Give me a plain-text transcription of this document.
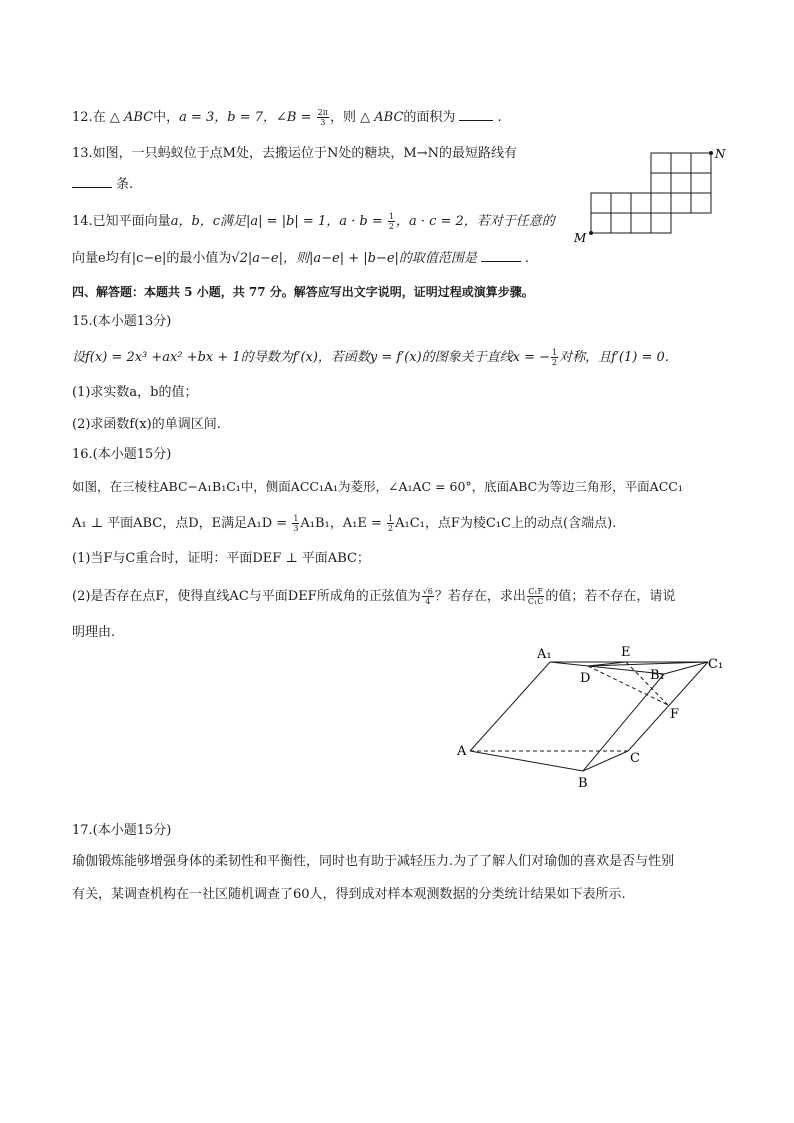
12.在 △ ABC中，a = 3，b = 7，∠B = $\frac{2\pi}{3}$ ，则 △ ABC的面积为	.
13.如图，一只蚂蚁位于点M处，去搬运位于N处的糖块，M→N的最短路线有
条.
N
M
14.已知平面向量a，b，c满足|a| = |b| = 1，$a \cdot b = \frac{1}{2}$ ，a · c = 2，若对于任意的
向量e均有|c−e|的最小值为√2|a−e|，则|a−e| + |b−e|的取值范围是	.
四、解答题：本题共 5 小题，共 77 分。解答应写出文字说明，证明过程或演算步骤。
15.(本小题13分)
设f(x) = 2x³ +ax² +bx + 1的导数为f′(x)，若函数y = f′(x)的图象关于直线x = − $\frac{1}{2}$ 对称，且f′(1) = 0.
(1)求实数a，b的值；
(2)求函数f(x)的单调区间.
16.(本小题15分)
如图，在三棱柱ABC−A₁B₁C₁中，侧面ACC₁A₁为菱形，∠A₁AC = 60°，底面ABC为等边三角形，平面ACC₁
A₁ ⊥ 平面ABC，点D，E满足$A_1D = \frac{1}{3} A_1B_1$，$A_1E = \frac{1}{2} A_1C_1$，点F为棱C₁C上的动点(含端点).
(1)当F与C重合时，证明：平面DEF ⊥ 平面ABC；
(2)是否存在点F，使得直线AC与平面DEF所成角的正弦值为 $\frac{√6}{4}$ ？若存在，求出 $\frac{\text{C₁F}}{\text{C₁C}}$ 的值；若不存在，请说
明理由.
A₁	E
B₁
C₁
D
F
A	C
B
17.(本小题15分)
瑜伽锻炼能够增强身体的柔韧性和平衡性，同时也有助于减轻压力.为了了解人们对瑜伽的喜欢是否与性别
有关，某调查机构在一社区随机调查了60人，得到成对样本观测数据的分类统计结果如下表所示.
